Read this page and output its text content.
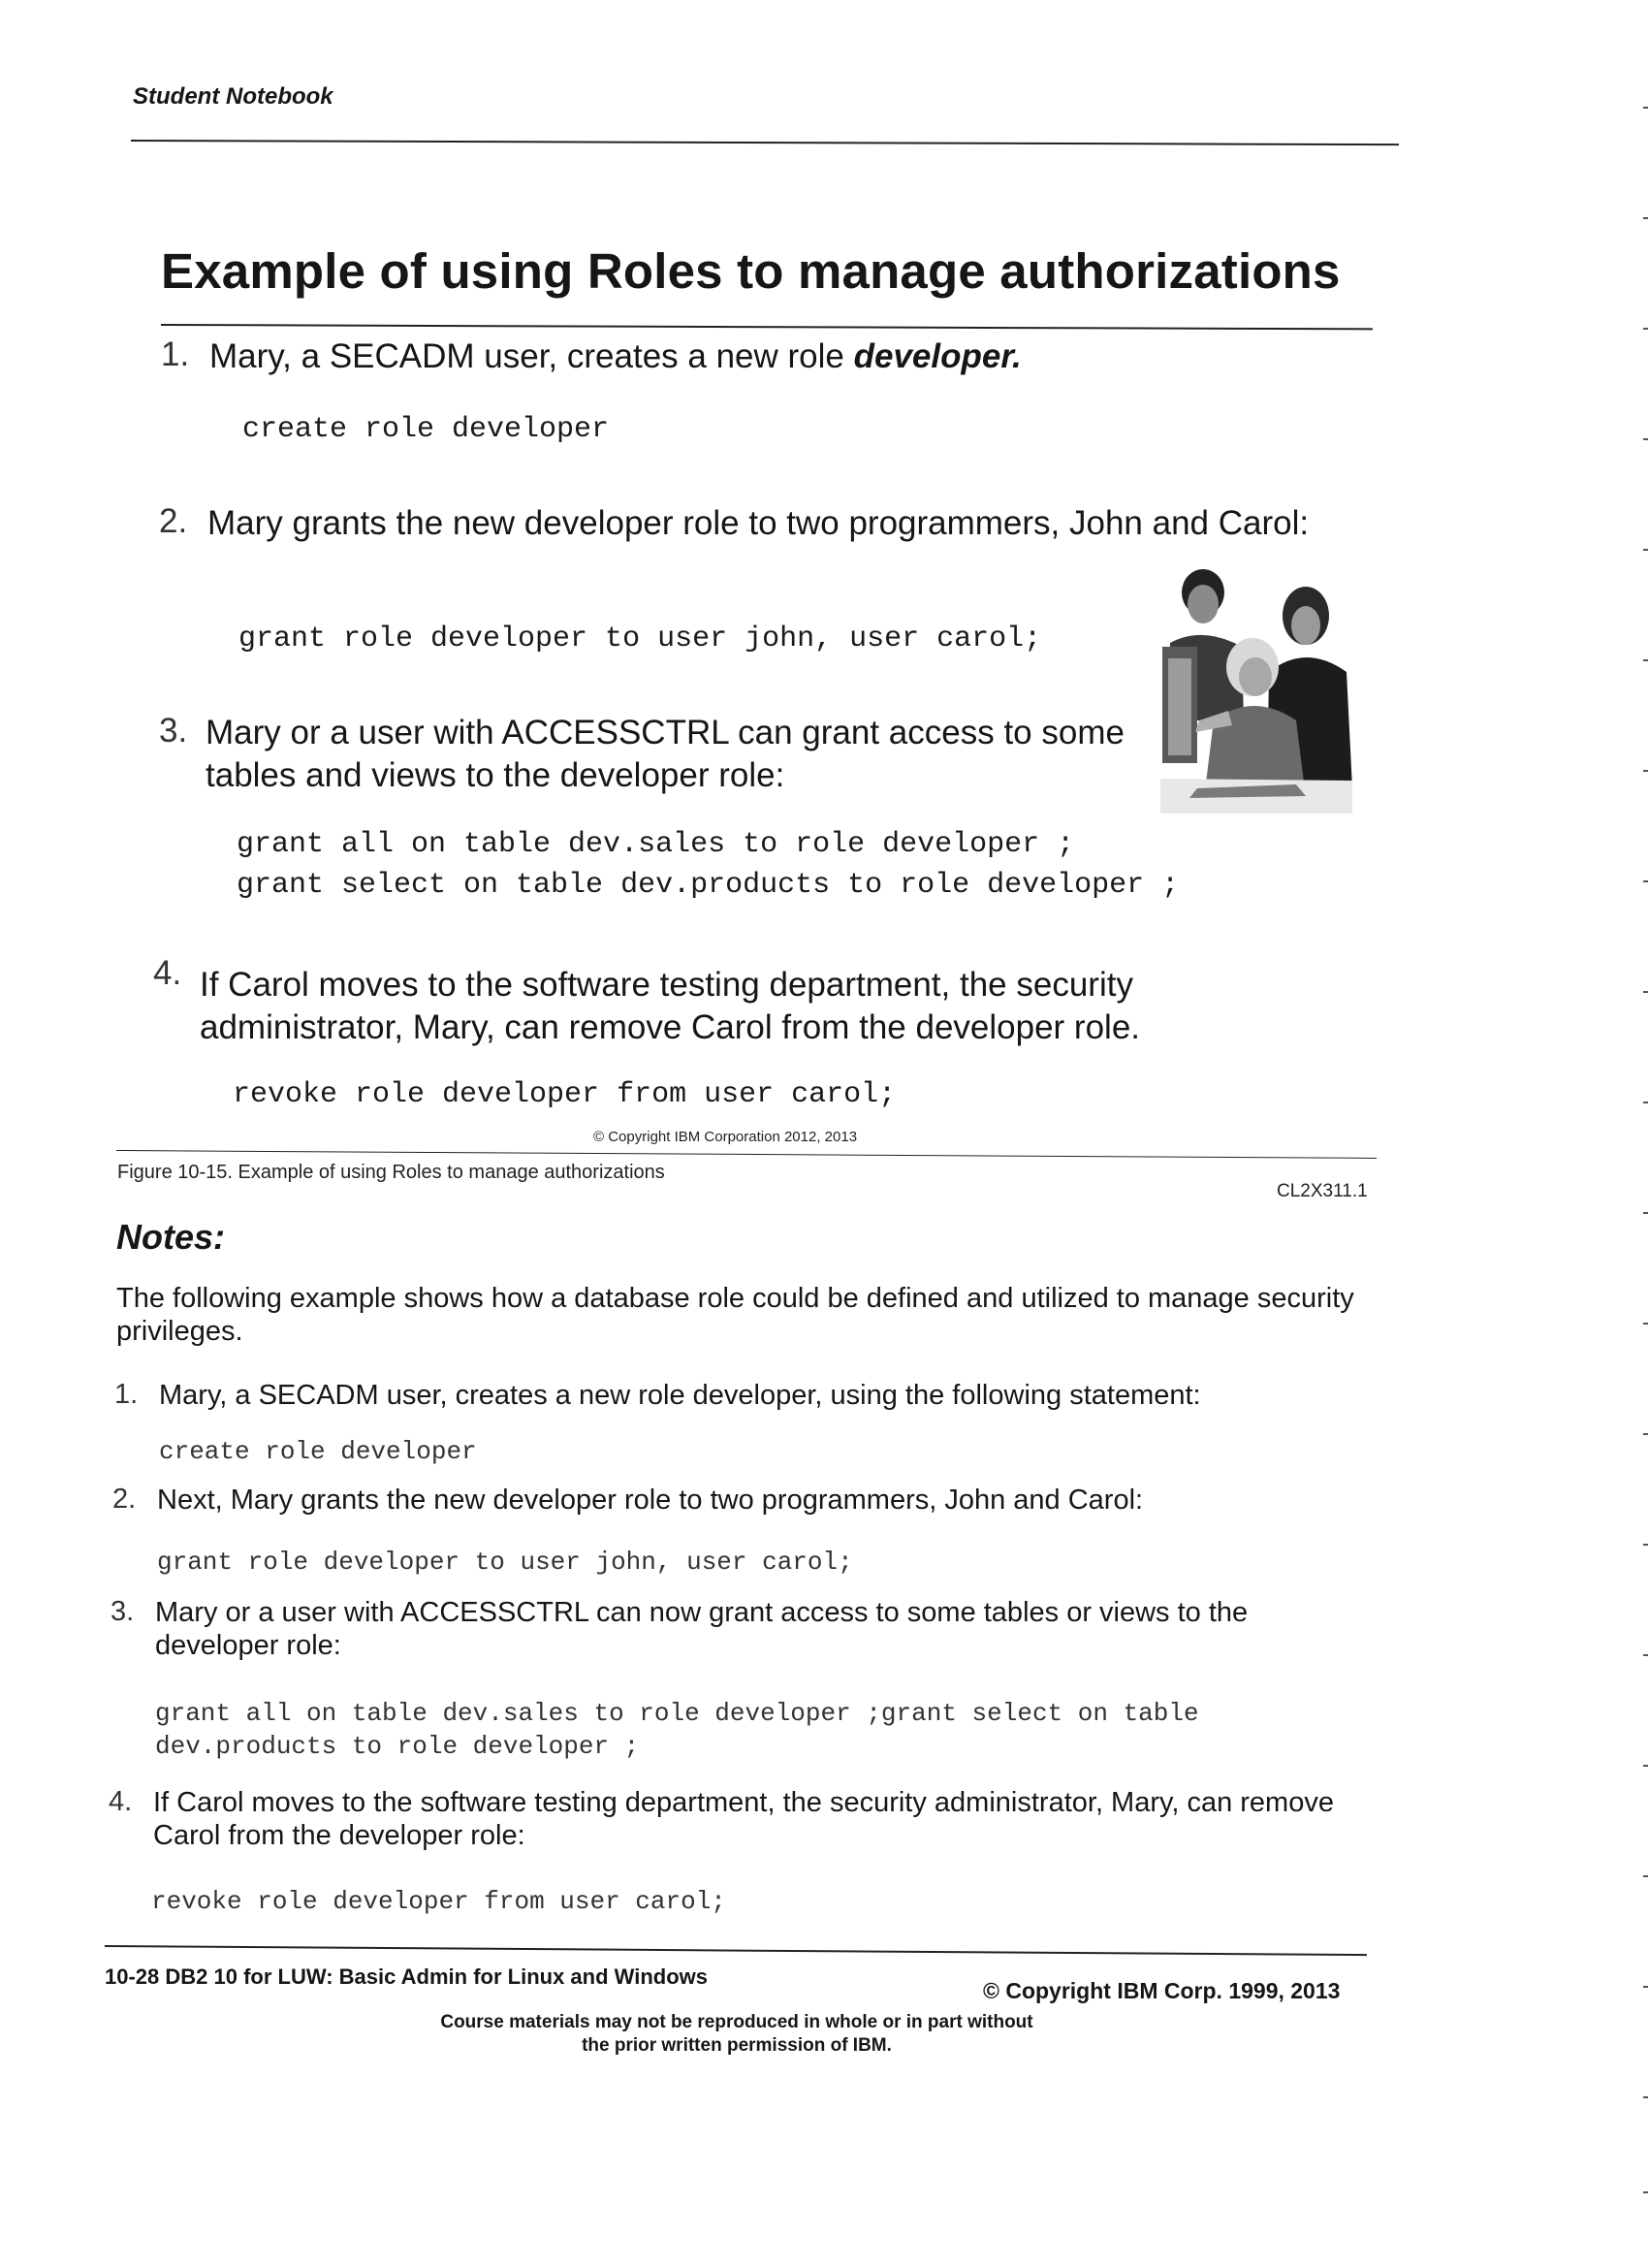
Student Notebook
Example of using Roles to manage authorizations
1. Mary, a SECADM user, creates a new role developer.
create role developer
2. Mary grants the new developer role to two programmers, John and Carol:
grant role developer to user john, user carol;
3. Mary or a user with ACCESSCTRL can grant access to some tables and views to the developer role:
grant all on table dev.sales to role developer ;
grant select on table dev.products to role developer ;
4. If Carol moves to the software testing department, the security administrator, Mary, can remove Carol from the developer role.
revoke role developer from user carol;
© Copyright IBM Corporation 2012, 2013
Figure 10-15. Example of using Roles to manage authorizations
CL2X311.1
Notes:
The following example shows how a database role could be defined and utilized to manage security privileges.
1. Mary, a SECADM user, creates a new role developer, using the following statement:
create role developer
2. Next, Mary grants the new developer role to two programmers, John and Carol:
grant role developer to user john, user carol;
3. Mary or a user with ACCESSCTRL can now grant access to some tables or views to the developer role:
grant all on table dev.sales to role developer ;grant select on table dev.products to role developer ;
4. If Carol moves to the software testing department, the security administrator, Mary, can remove Carol from the developer role:
revoke role developer from user carol;
10-28 DB2 10 for LUW: Basic Admin for Linux and Windows
© Copyright IBM Corp. 1999, 2013
Course materials may not be reproduced in whole or in part without the prior written permission of IBM.
